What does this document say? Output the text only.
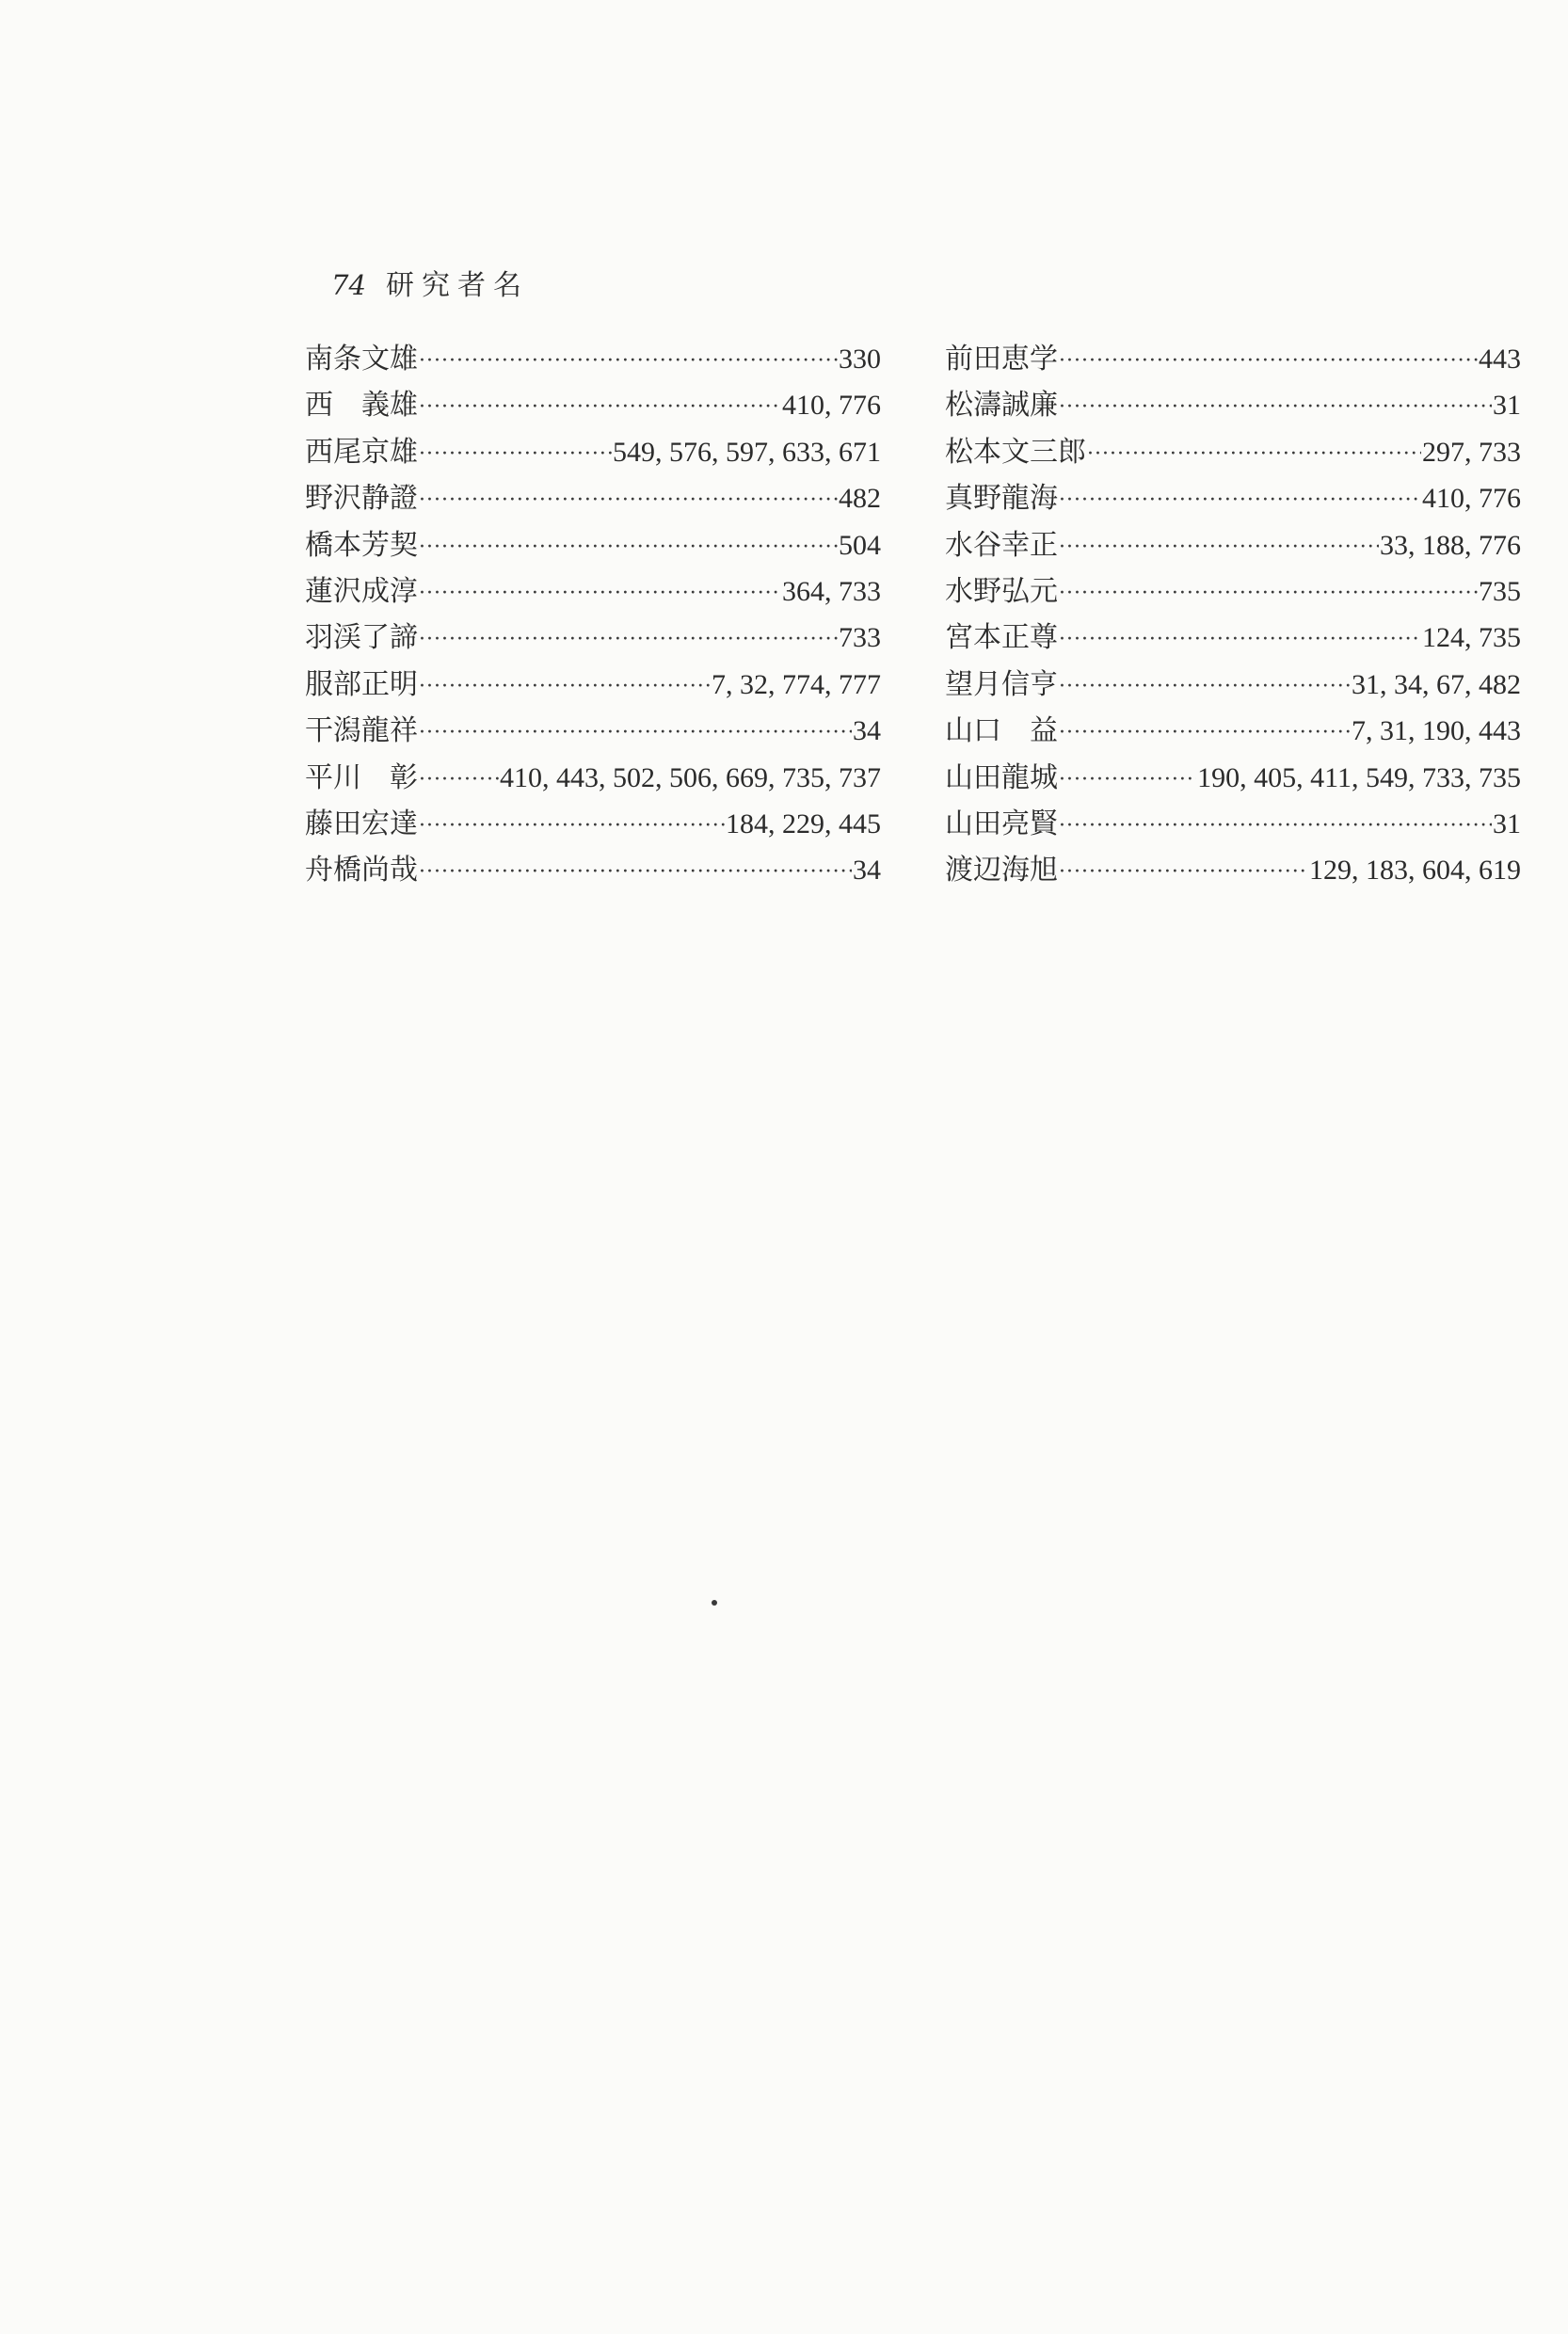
74 研究者名
南条文雄 ·····	330
西　義雄 ·····	410, 776
西尾京雄 ·····	549, 576, 597, 633, 671
野沢静證 ·····	482
橋本芳契 ·····	504
蓮沢成淳 ·····	364, 733
羽渓了諦 ·····	733
服部正明 ·····	7, 32, 774, 777
干潟龍祥 ·····	34
平川　彰 ·····	410, 443, 502, 506, 669, 735, 737
藤田宏達 ·····	184, 229, 445
舟橋尚哉 ·····	34
前田恵学 ·····	443
松濤誠廉 ·····	31
松本文三郎 ·····	297, 733
真野龍海 ·····	410, 776
水谷幸正 ·····	33, 188, 776
水野弘元 ·····	735
宮本正尊 ·····	124, 735
望月信亨 ·····	31, 34, 67, 482
山口　益 ·····	7, 31, 190, 443
山田龍城 ·····	190, 405, 411, 549, 733, 735
山田亮賢 ·····	31
渡辺海旭 ·····	129, 183, 604, 619
